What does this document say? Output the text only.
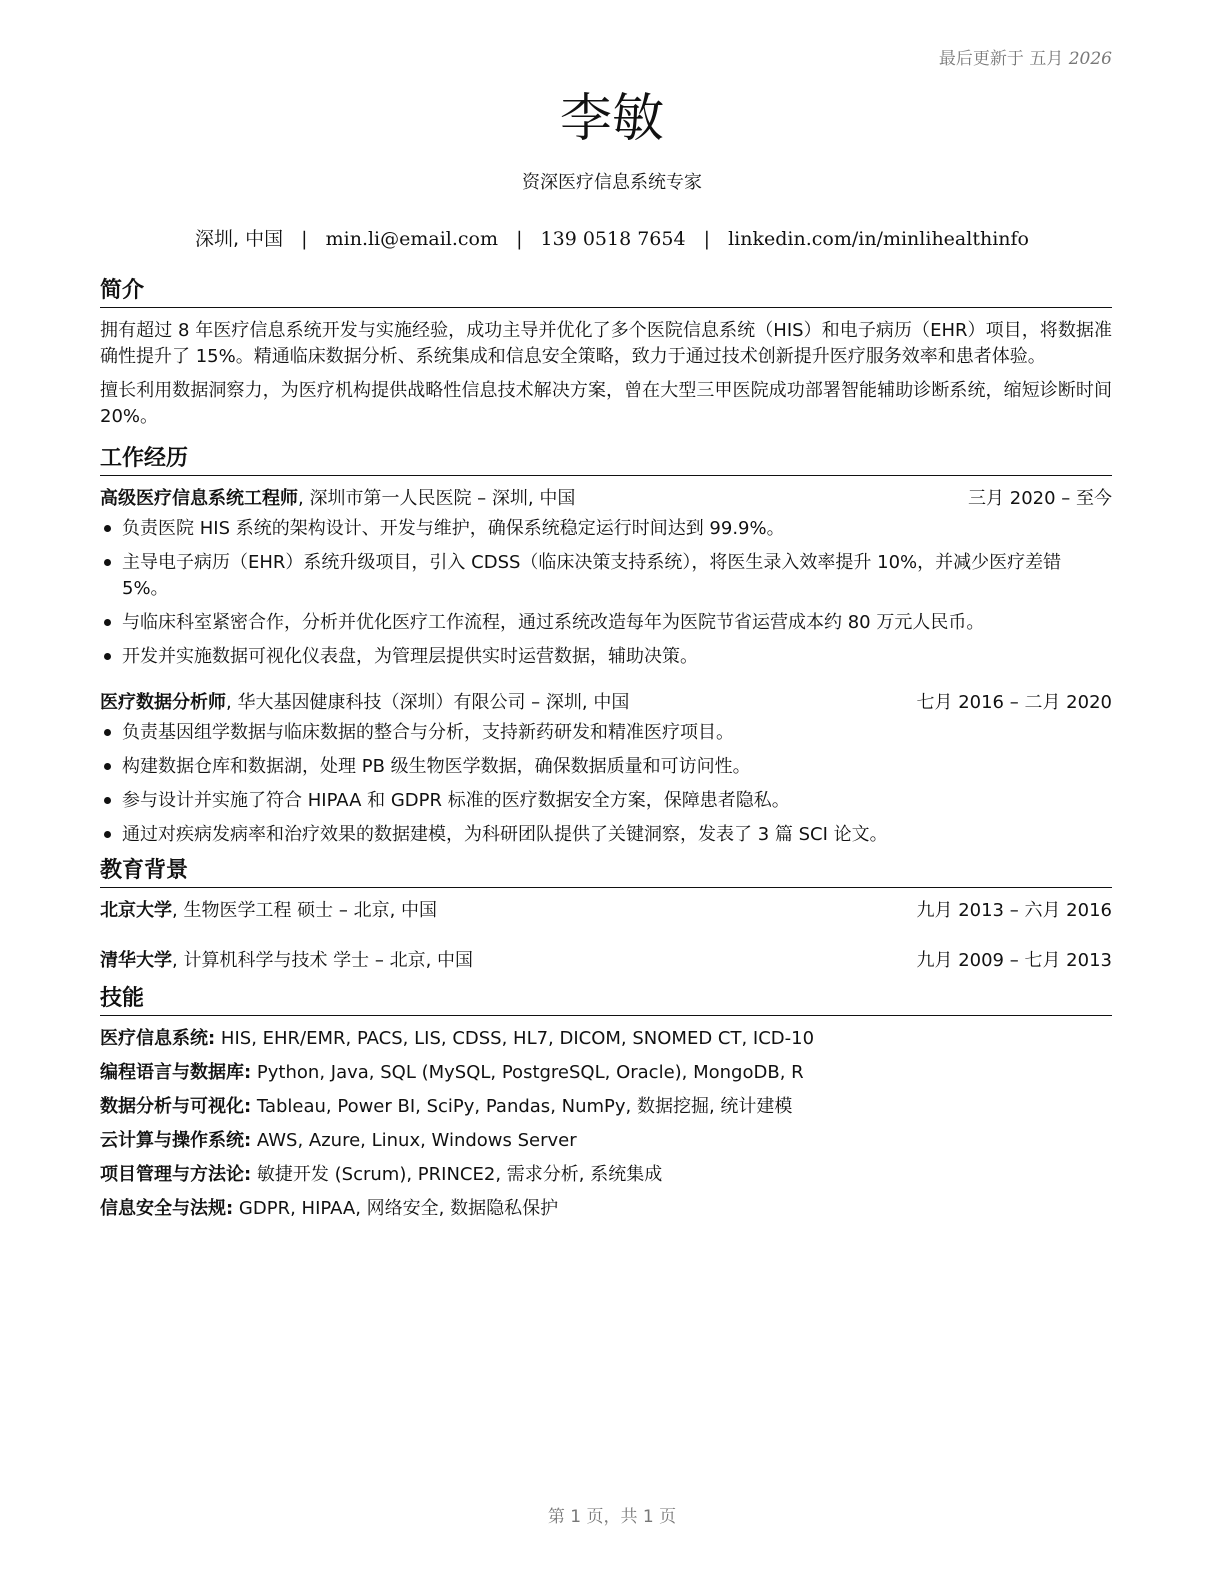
最后更新于 五月 2026
李敏
资深医疗信息系统专家
深圳, 中国 | min.li@email.com | 139 0518 7654 | linkedin.com/in/minlihealthinfo
简介

拥有超过 8 年医疗信息系统开发与实施经验，成功主导并优化了多个医院信息系统（HIS）和电子病历（EHR）项目，将数据准确性提升了 15%。精通临床数据分析、系统集成和信息安全策略，致力于通过技术创新提升医疗服务效率和患者体验。

擅长利用数据洞察力，为医疗机构提供战略性信息技术解决方案，曾在大型三甲医院成功部署智能辅助诊断系统，缩短诊断时间 20%。

工作经历
高级医疗信息系统工程师, 深圳市第一人民医院 – 深圳, 中国	三月 2020 – 至今
负责医院 HIS 系统的架构设计、开发与维护，确保系统稳定运行时间达到 99.9%。
主导电子病历（EHR）系统升级项目，引入 CDSS（临床决策支持系统），将医生录入效率提升 10%，并减少医疗差错 5%。
与临床科室紧密合作，分析并优化医疗工作流程，通过系统改造每年为医院节省运营成本约 80 万元人民币。
开发并实施数据可视化仪表盘，为管理层提供实时运营数据，辅助决策。
医疗数据分析师, 华大基因健康科技（深圳）有限公司 – 深圳, 中国	七月 2016 – 二月 2020
负责基因组学数据与临床数据的整合与分析，支持新药研发和精准医疗项目。
构建数据仓库和数据湖，处理 PB 级生物医学数据，确保数据质量和可访问性。
参与设计并实施了符合 HIPAA 和 GDPR 标准的医疗数据安全方案，保障患者隐私。
通过对疾病发病率和治疗效果的数据建模，为科研团队提供了关键洞察，发表了 3 篇 SCI 论文。
教育背景
北京大学, 生物医学工程 硕士 – 北京, 中国	九月 2013 – 六月 2016
清华大学, 计算机科学与技术 学士 – 北京, 中国	九月 2009 – 七月 2013
技能
医疗信息系统: HIS, EHR/EMR, PACS, LIS, CDSS, HL7, DICOM, SNOMED CT, ICD-10
编程语言与数据库: Python, Java, SQL (MySQL, PostgreSQL, Oracle), MongoDB, R
数据分析与可视化: Tableau, Power BI, SciPy, Pandas, NumPy, 数据挖掘, 统计建模
云计算与操作系统: AWS, Azure, Linux, Windows Server
项目管理与方法论: 敏捷开发 (Scrum), PRINCE2, 需求分析, 系统集成
信息安全与法规: GDPR, HIPAA, 网络安全, 数据隐私保护
第 1 页，共 1 页
